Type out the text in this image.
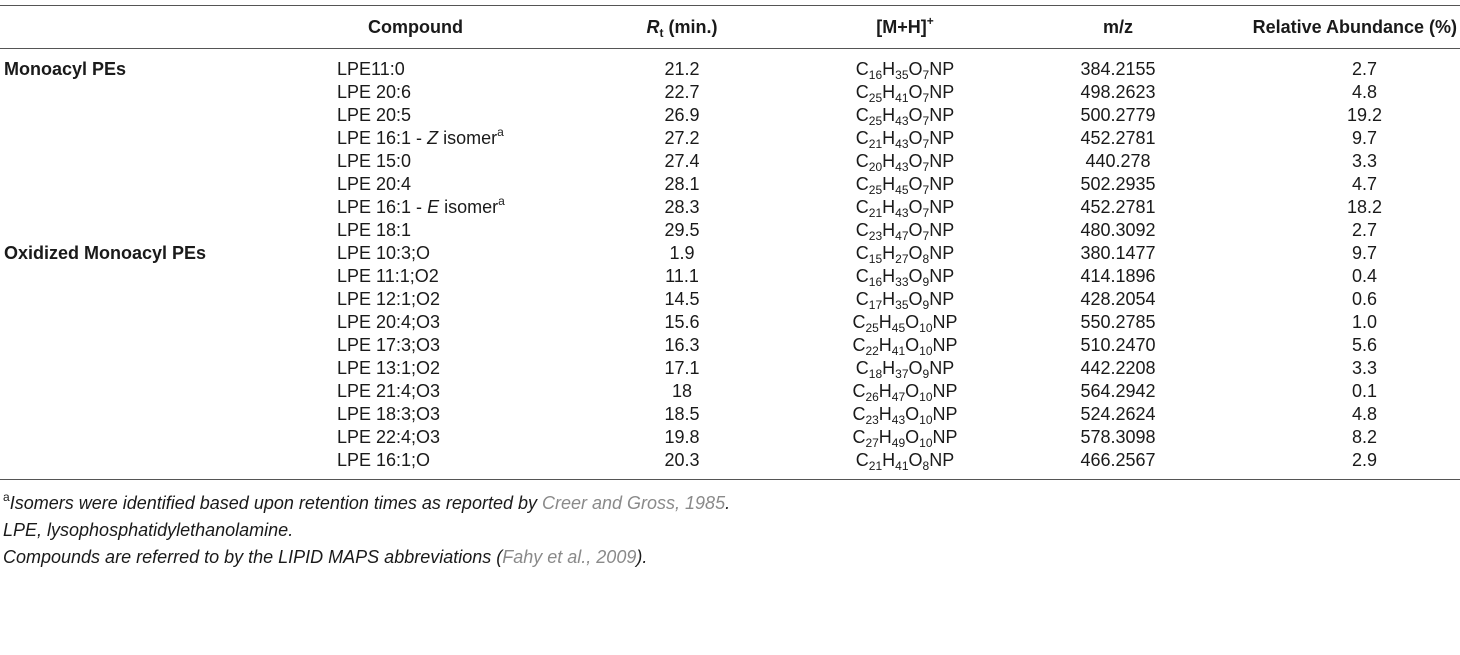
	Compound	$R_t$ (min.)	[M+H]+	m/z	Relative Abundance (%)
Monoacyl PEs	LPE11:0	21.2	$C_{16}H_{35}O_7NP$	384.2155	2.7
	LPE 20:6	22.7	$C_{25}H_{41}O_7NP$	498.2623	4.8
	LPE 20:5	26.9	$C_{25}H_{43}O_7NP$	500.2779	19.2
	LPE 16:1 - Z isomer$^a$	27.2	$C_{21}H_{43}O_7NP$	452.2781	9.7
	LPE 15:0	27.4	$C_{20}H_{43}O_7NP$	440.278	3.3
	LPE 20:4	28.1	$C_{25}H_{45}O_7NP$	502.2935	4.7
	LPE 16:1 - E isomer$^a$	28.3	$C_{21}H_{43}O_7NP$	452.2781	18.2
	LPE 18:1	29.5	$C_{23}H_{47}O_7NP$	480.3092	2.7
Oxidized Monoacyl PEs	LPE 10:3;O	1.9	$C_{15}H_{27}O_8NP$	380.1477	9.7
	LPE 11:1;O2	11.1	$C_{16}H_{33}O_9NP$	414.1896	0.4
	LPE 12:1;O2	14.5	$C_{17}H_{35}O_9NP$	428.2054	0.6
	LPE 20:4;O3	15.6	$C_{25}H_{45}O_{10}NP$	550.2785	1.0
	LPE 17:3;O3	16.3	$C_{22}H_{41}O_{10}NP$	510.2470	5.6
	LPE 13:1;O2	17.1	$C_{18}H_{37}O_9NP$	442.2208	3.3
	LPE 21:4;O3	18	$C_{26}H_{47}O_{10}NP$	564.2942	0.1
	LPE 18:3;O3	18.5	$C_{23}H_{43}O_{10}NP$	524.2624	4.8
	LPE 22:4;O3	19.8	$C_{27}H_{49}O_{10}NP$	578.3098	8.2
	LPE 16:1;O	20.3	$C_{21}H_{41}O_8NP$	466.2567	2.9
$^a$Isomers were identified based upon retention times as reported by Creer and Gross, 1985.
LPE, lysophosphatidylethanolamine.
Compounds are referred to by the LIPID MAPS abbreviations (Fahy et al., 2009).
